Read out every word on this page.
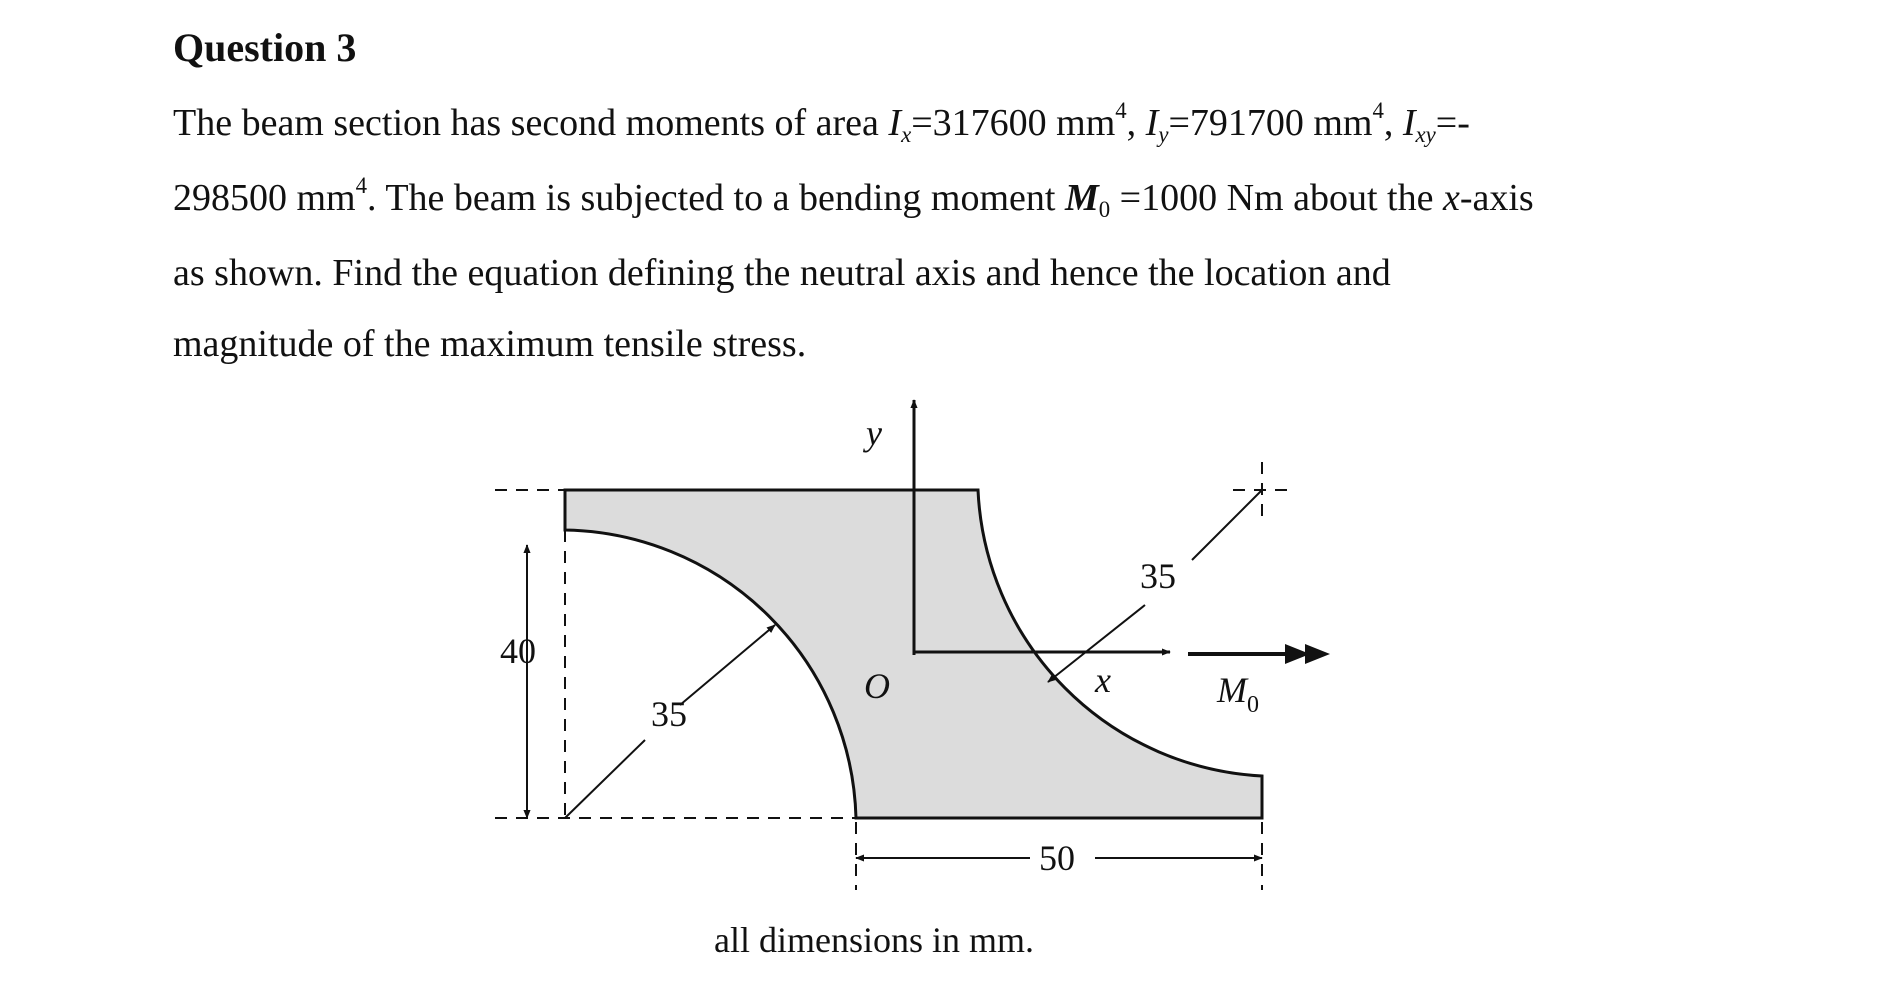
Question 3
The beam section has second moments of area $I_x=317600$ $mm^4$, $I_y=791700$ $mm^4$, $I_{xy}=-$
298500 $mm^4$. The beam is subjected to a bending moment $M_0 =1000$ Nm about the x-axis
as shown. Find the equation defining the neutral axis and hence the location and
magnitude of the maximum tensile stress.
y
x
O
40
50
35
35
$M_0$
all dimensions in mm.
